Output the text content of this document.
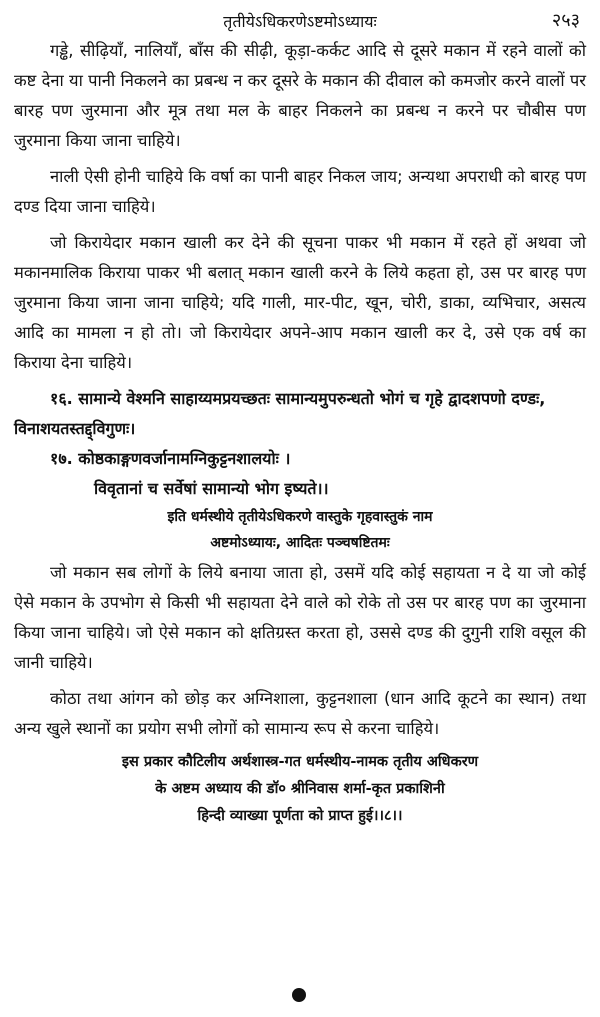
तृतीयेऽधिकरणेऽष्टमोऽध्यायः	२५३

गड्ढे, सीढ़ियाँ, नालियाँ, बाँस की सीढ़ी, कूड़ा-कर्कट आदि से दूसरे मकान में रहने वालों को कष्ट देना या पानी निकलने का प्रबन्ध न कर दूसरे के मकान की दीवाल को कमजोर करने वालों पर बारह पण जुरमाना और मूत्र तथा मल के बाहर निकलने का प्रबन्ध न करने पर चौबीस पण जुरमाना किया जाना चाहिये।

नाली ऐसी होनी चाहिये कि वर्षा का पानी बाहर निकल जाय; अन्यथा अपराधी को बारह पण दण्ड दिया जाना चाहिये।

जो किरायेदार मकान खाली कर देने की सूचना पाकर भी मकान में रहते हों अथवा जो मकानमालिक किराया पाकर भी बलात् मकान खाली करने के लिये कहता हो, उस पर बारह पण जुरमाना किया जाना जाना चाहिये; यदि गाली, मार-पीट, खून, चोरी, डाका, व्यभिचार, असत्य आदि का मामला न हो तो। जो किरायेदार अपने-आप मकान खाली कर दे, उसे एक वर्ष का किराया देना चाहिये।

१६. सामान्ये वेश्मनि साहाय्यमप्रयच्छतः सामान्यमुपरुन्धतो भोगं च गृहे द्वादशपणो दण्डः, विनाशयतस्तद्द्विगुणः।

१७. कोष्ठकाङ्गणवर्जानामग्निकुट्टनशालयोः ।

विवृतानां च सर्वेषां सामान्यो भोग इष्यते।।

इति धर्मस्थीये तृतीयेऽधिकरणे वास्तुके गृहवास्तुकं नाम

अष्टमोऽध्यायः, आदितः पञ्चषष्टितमः

जो मकान सब लोगों के लिये बनाया जाता हो, उसमें यदि कोई सहायता न दे या जो कोई ऐसे मकान के उपभोग से किसी भी सहायता देने वाले को रोके तो उस पर बारह पण का जुरमाना किया जाना चाहिये। जो ऐसे मकान को क्षतिग्रस्त करता हो, उससे दण्ड की दुगुनी राशि वसूल की जानी चाहिये।

कोठा तथा आंगन को छोड़ कर अग्निशाला, कुट्टनशाला (धान आदि कूटने का स्थान) तथा अन्य खुले स्थानों का प्रयोग सभी लोगों को सामान्य रूप से करना चाहिये।

इस प्रकार कौटिलीय अर्थशास्त्र-गत धर्मस्थीय-नामक तृतीय अधिकरण

के अष्टम अध्याय की डॉ० श्रीनिवास शर्मा-कृत प्रकाशिनी

हिन्दी व्याख्या पूर्णता को प्राप्त हुई।।८।।
